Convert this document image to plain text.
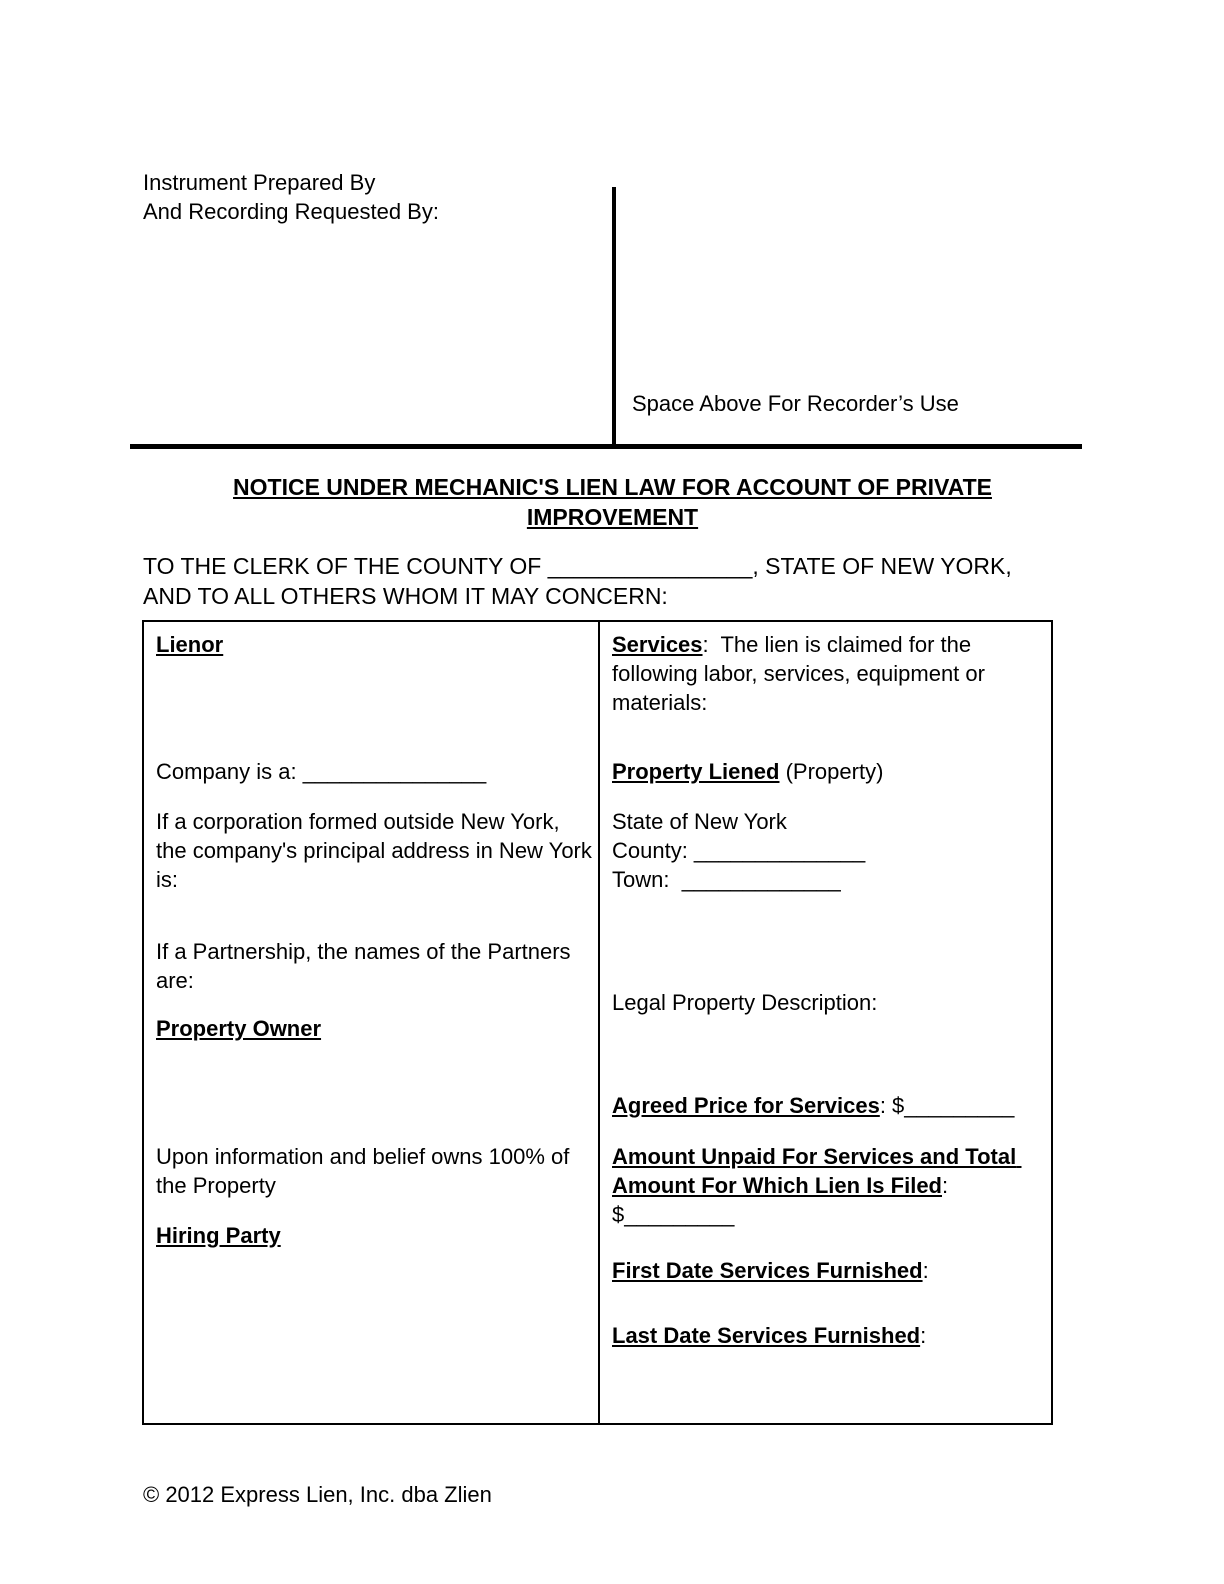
Instrument Prepared By
And Recording Requested By:
Space Above For Recorder’s Use
NOTICE UNDER MECHANIC'S LIEN LAW FOR ACCOUNT OF PRIVATE
IMPROVEMENT
TO THE CLERK OF THE COUNTY OF ________________, STATE OF NEW YORK,
AND TO ALL OTHERS WHOM IT MAY CONCERN:
Lienor
Company is a: _______________
If a corporation formed outside New York, the company's principal address in New York is:
If a Partnership, the names of the Partners are:
Property Owner
Upon information and belief owns 100% of the Property
Hiring Party
Services:  The lien is claimed for the following labor, services, equipment or materials:
Property Liened (Property)
State of New York
County: ______________
Town:  _____________
Legal Property Description:
Agreed Price for Services: $_________
Amount Unpaid For Services and Total Amount For Which Lien Is Filed:
$_________
First Date Services Furnished:
Last Date Services Furnished:
© 2012 Express Lien, Inc. dba Zlien
